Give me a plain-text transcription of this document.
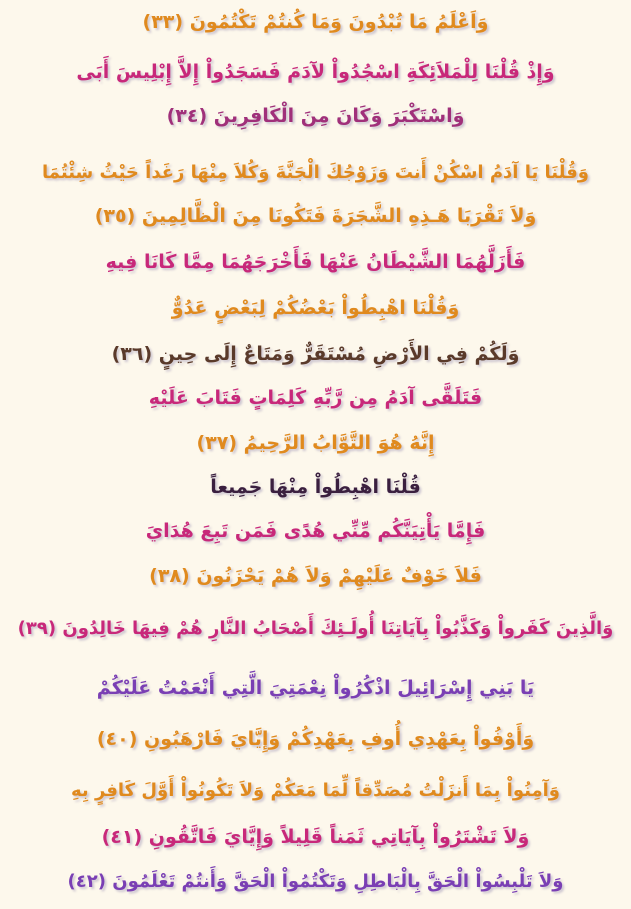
وَاَعْلَمُ مَا تُبْدُونَ وَمَا كُنتُمْ تَكْتُمُونَ (٣٣)
وَإِذْ قُلْنَا لِلْمَلاَئِكَةِ اسْجُدُواْ لآدَمَ فَسَجَدُواْ إِلاَّ إِبْلِيسَ أَبَى
وَاسْتَكْبَرَ وَكَانَ مِنَ الْكَافِرِينَ (٣٤)
وَقُلْنَا يَا آدَمُ اسْكُنْ أَنتَ وَزَوْجُكَ الْجَنَّةَ وَكُلاَ مِنْهَا رَغَداً حَيْثُ شِئْتُمَا
وَلاَ تَقْرَبَا هَـذِهِ الشَّجَرَةَ فَتَكُونَا مِنَ الْظَّالِمِينَ (٣٥)
فَأَزَلَّهُمَا الشَّيْطَانُ عَنْهَا فَأَخْرَجَهُمَا مِمَّا كَانَا فِيهِ
وَقُلْنَا اهْبِطُواْ بَعْضُكُمْ لِبَعْضٍ عَدُوٌّ
وَلَكُمْ فِي الأَرْضِ مُسْتَقَرٌّ وَمَتَاعٌ إِلَى حِينٍ (٣٦)
فَتَلَقَّى آدَمُ مِن رَّبِّهِ كَلِمَاتٍ فَتَابَ عَلَيْهِ
إِنَّهُ هُوَ التَّوَّابُ الرَّحِيمُ (٣٧)
قُلْنَا اهْبِطُواْ مِنْهَا جَمِيعاً
فَإِمَّا يَأْتِيَنَّكُم مِّنِّي هُدًى فَمَن تَبِعَ هُدَايَ
فَلاَ خَوْفٌ عَلَيْهِمْ وَلاَ هُمْ يَحْزَنُونَ (٣٨)
وَالَّذِينَ كَفَرواْ وَكَذَّبُواْ بِآيَاتِنَا أُولَـئِكَ أَصْحَابُ النَّارِ هُمْ فِيهَا خَالِدُونَ (٣٩)
يَا بَنِي إِسْرَائِيلَ اذْكُرُواْ نِعْمَتِيَ الَّتِي أَنْعَمْتُ عَلَيْكُمْ
وَأَوْفُواْ بِعَهْدِي أُوفِ بِعَهْدِكُمْ وَإِيَّايَ فَارْهَبُونِ (٤٠)
وَآمِنُواْ بِمَا أَنزَلْتُ مُصَدِّقاً لِّمَا مَعَكُمْ وَلاَ تَكُونُواْ أَوَّلَ كَافِرٍ بِهِ
وَلاَ تَشْتَرُواْ بِآيَاتِي ثَمَناً قَلِيلاً وَإِيَّايَ فَاتَّقُونِ (٤١)
وَلاَ تَلْبِسُواْ الْحَقَّ بِالْبَاطِلِ وَتَكْتُمُواْ الْحَقَّ وَأَنتُمْ تَعْلَمُونَ (٤٢)
